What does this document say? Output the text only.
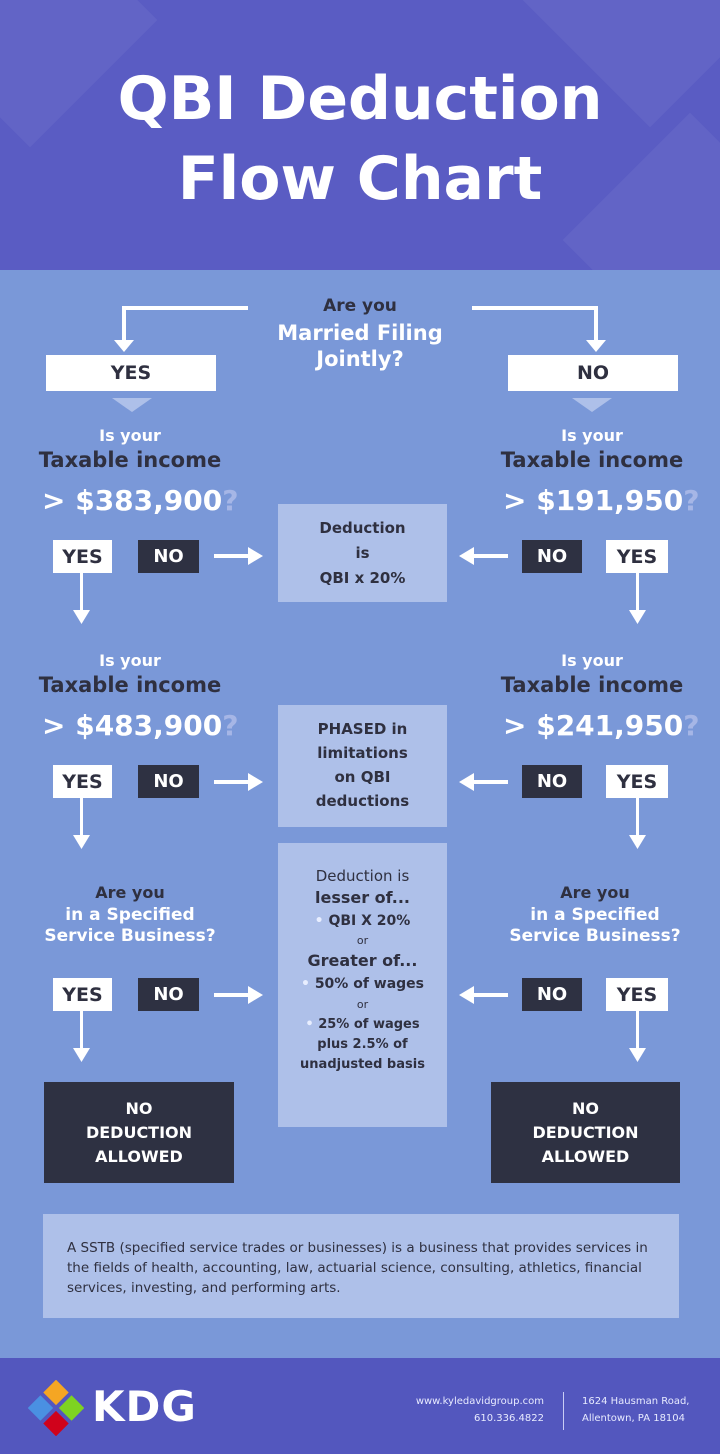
QBI Deduction
Flow Chart
Are you
Married Filing
Jointly?
YES	NO
Is your
Taxable income
> $383,900?
YES	NO
Is your
Taxable income
> $191,950?
NO	YES
Deduction
is
QBI x 20%
Is your
Taxable income
> $483,900?
YES	NO
Is your
Taxable income
> $241,950?
NO	YES
PHASED in
limitations
on QBI
deductions
Are you
in a Specified
Service Business?
YES	NO
Are you
in a Specified
Service Business?
NO	YES
Deduction is
lesser of...
• QBI X 20%
or
Greater of...
• 50% of wages
or
• 25% of wages
plus 2.5% of
unadjusted basis
NO
DEDUCTION
ALLOWED
NO
DEDUCTION
ALLOWED
A SSTB (specified service trades or businesses) is a business that provides services in the fields of health, accounting, law, actuarial science, consulting, athletics, financial services, investing, and performing arts.
KDG	www.kyledavidgroup.com
610.336.4822
1624 Hausman Road,
Allentown, PA 18104
